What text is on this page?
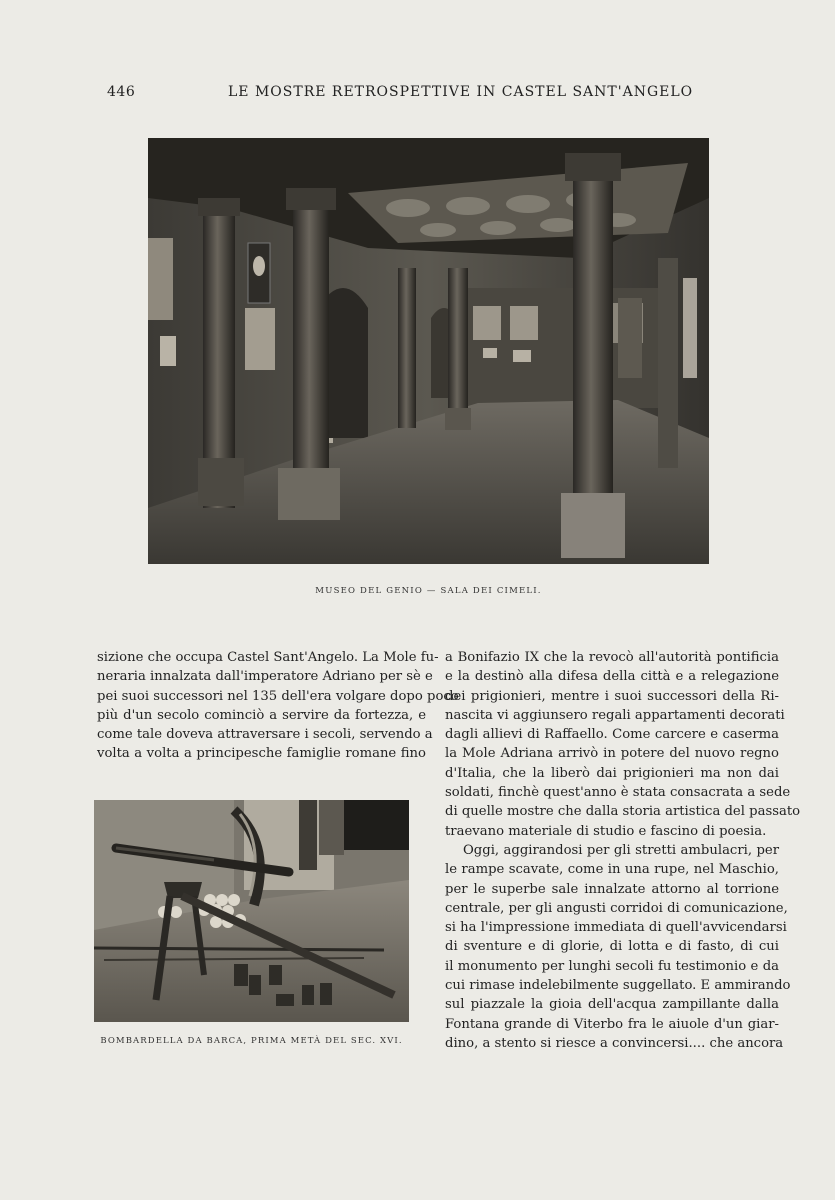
446	LE MOSTRE RETROSPETTIVE IN CASTEL SANT'ANGELO
MUSEO DEL GENIO — SALA DEI CIMELI.
BOMBARDELLA DA BARCA, PRIMA METÀ DEL SEC. XVI.
sizione che occupa Castel Sant'Angelo. La Mole fu-
neraria innalzata dall'imperatore Adriano per sè e
pei suoi successori nel 135 dell'era volgare dopo poco
più d'un secolo cominciò a servire da fortezza, e
come tale doveva attraversare i secoli, servendo a
volta a volta a principesche famiglie romane fino
a Bonifazio IX che la revocò all'autorità pontificia
e la destinò alla difesa della città e a relegazione
dei prigionieri, mentre i suoi successori della Ri-
nascita vi aggiunsero regali appartamenti decorati
dagli allievi di Raffaello. Come carcere e caserma
la Mole Adriana arrivò in potere del nuovo regno
d'Italia, che la liberò dai prigionieri ma non dai
soldati, finchè quest'anno è stata consacrata a sede
di quelle mostre che dalla storia artistica del passato
traevano materiale di studio e fascino di poesia.
Oggi, aggirandosi per gli stretti ambulacri, per
le rampe scavate, come in una rupe, nel Maschio,
per le superbe sale innalzate attorno al torrione
centrale, per gli angusti corridoi di comunicazione,
si ha l'impressione immediata di quell'avvicendarsi
di sventure e di glorie, di lotta e di fasto, di cui
il monumento per lunghi secoli fu testimonio e da
cui rimase indelebilmente suggellato. E ammirando
sul piazzale la gioia dell'acqua zampillante dalla
Fontana grande di Viterbo fra le aiuole d'un giar-
dino, a stento si riesce a convincersi.... che ancora
